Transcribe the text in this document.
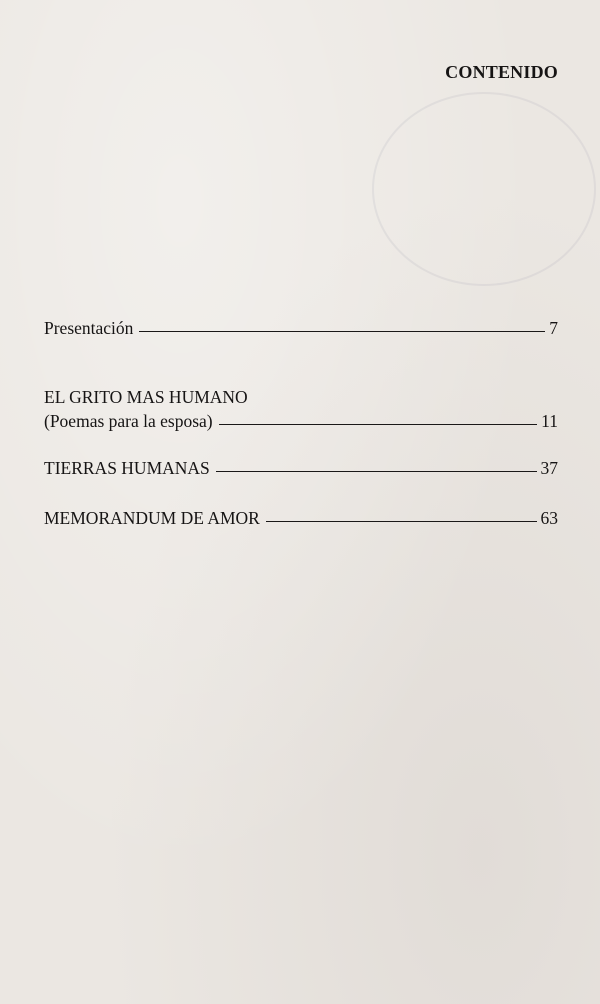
CONTENIDO
Presentación	7
EL GRITO MAS HUMANO
(Poemas para la esposa)	11
TIERRAS HUMANAS	37
MEMORANDUM DE AMOR	63
